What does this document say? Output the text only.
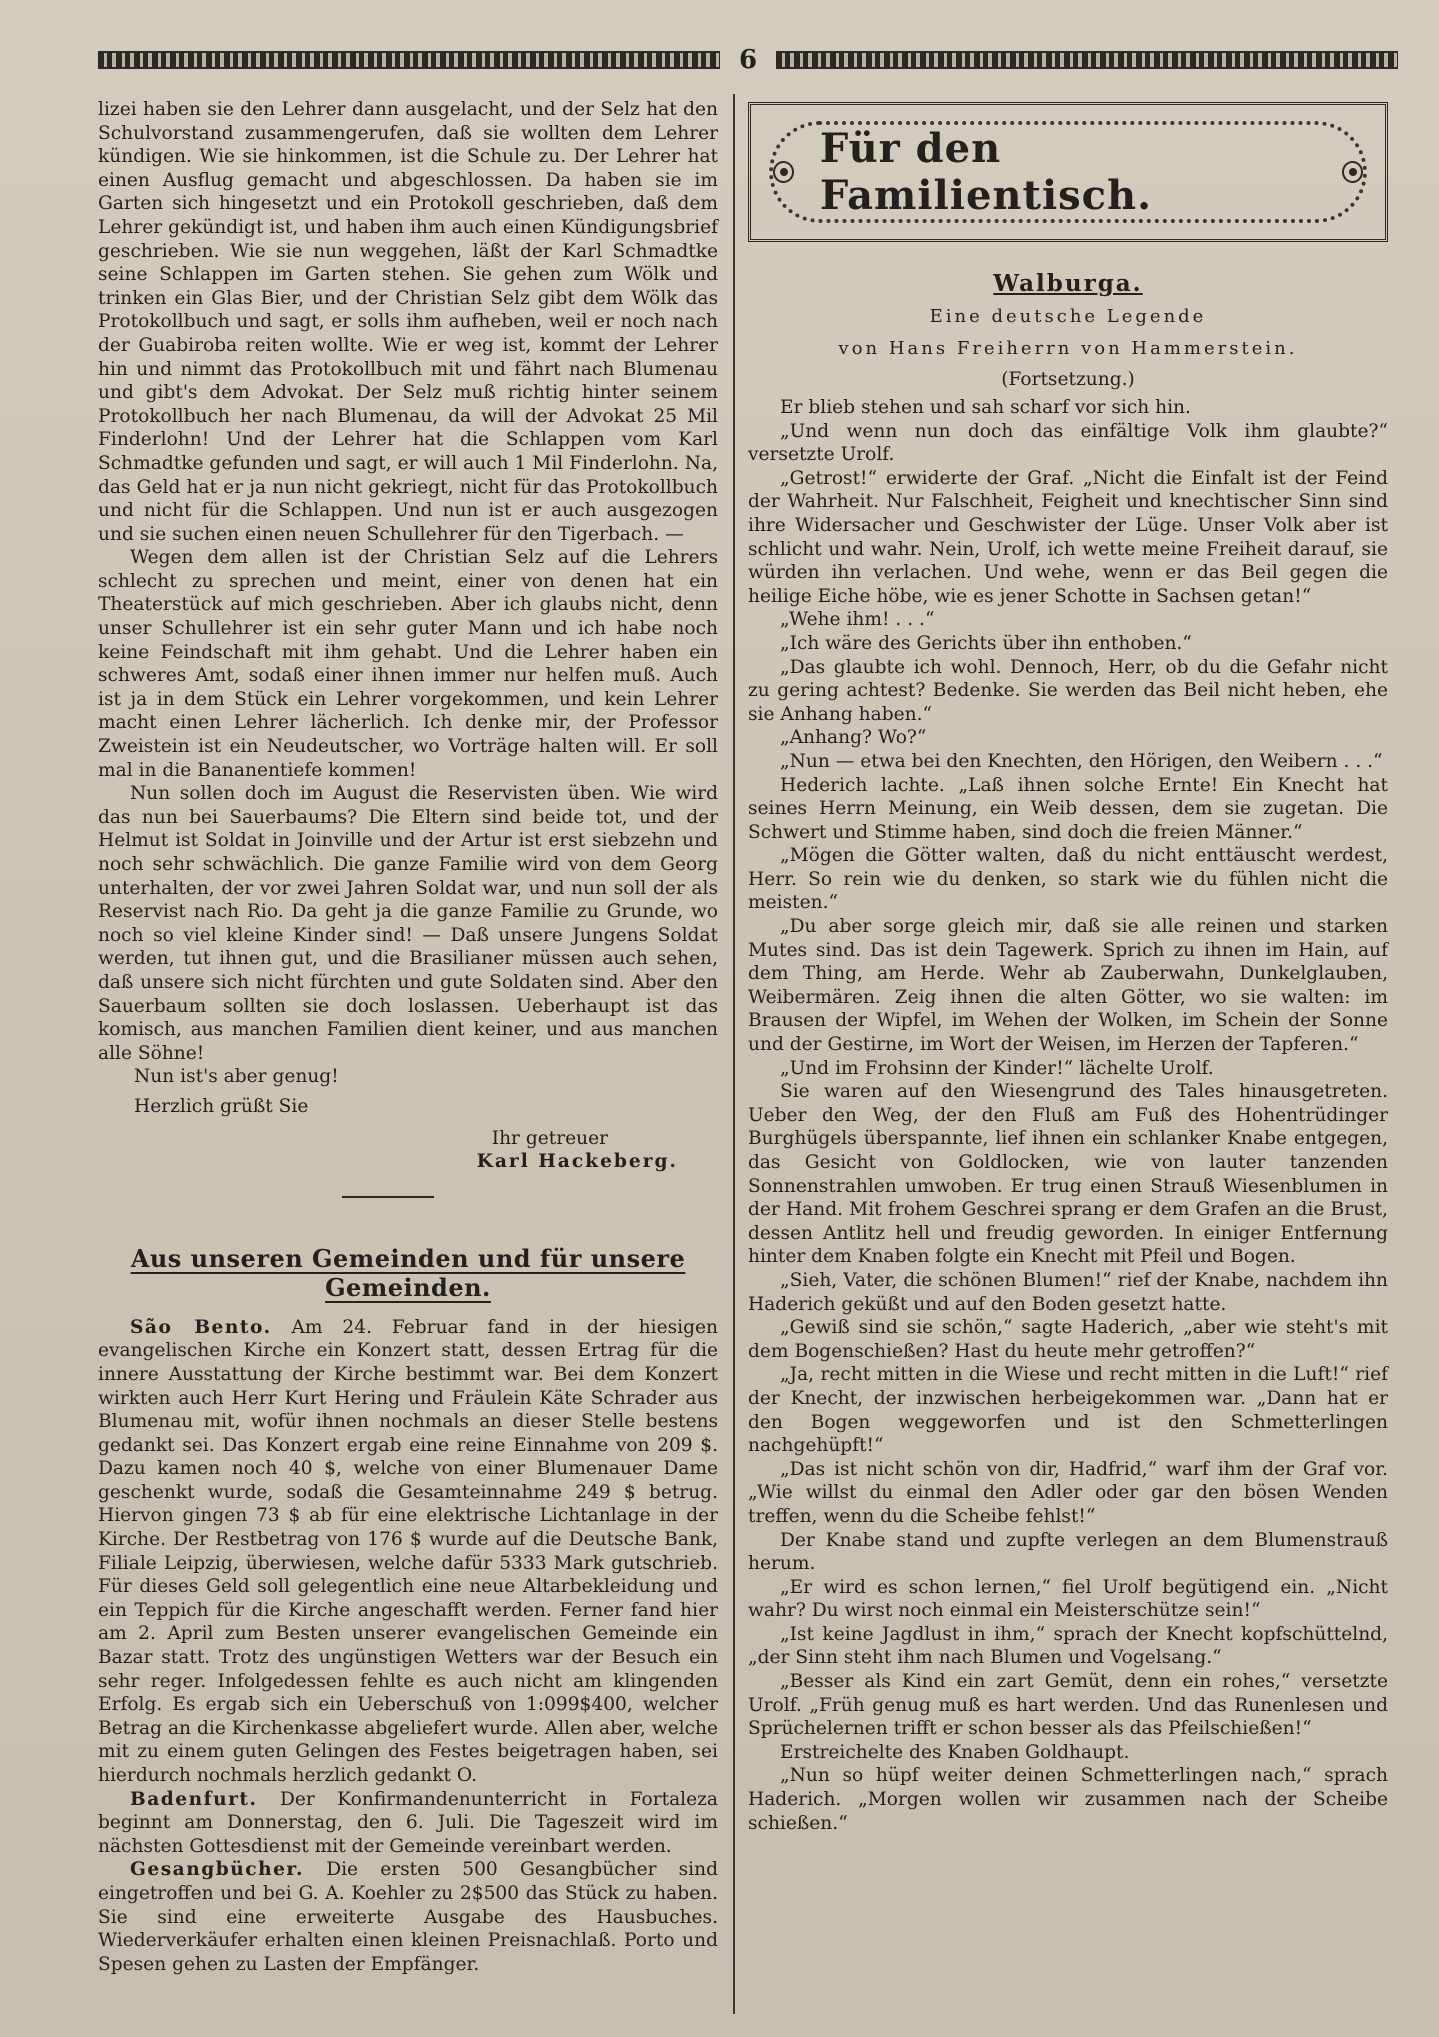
6

lizei haben sie den Lehrer dann ausgelacht, und der Selz hat den Schulvorstand zusammengerufen, daß sie wollten dem Lehrer kündigen. Wie sie hinkommen, ist die Schule zu. Der Lehrer hat einen Ausflug gemacht und abgeschlossen. Da haben sie im Garten sich hingesetzt und ein Protokoll geschrieben, daß dem Lehrer gekündigt ist, und haben ihm auch einen Kündigungsbrief geschrieben. Wie sie nun weggehen, läßt der Karl Schmadtke seine Schlappen im Garten stehen. Sie gehen zum Wölk und trinken ein Glas Bier, und der Christian Selz gibt dem Wölk das Protokollbuch und sagt, er solls ihm aufheben, weil er noch nach der Guabiroba reiten wollte. Wie er weg ist, kommt der Lehrer hin und nimmt das Protokollbuch mit und fährt nach Blumenau und gibt's dem Advokat. Der Selz muß richtig hinter seinem Protokollbuch her nach Blumenau, da will der Advokat 25 Mil Finderlohn! Und der Lehrer hat die Schlappen vom Karl Schmadtke gefunden und sagt, er will auch 1 Mil Finderlohn. Na, das Geld hat er ja nun nicht gekriegt, nicht für das Protokollbuch und nicht für die Schlappen. Und nun ist er auch ausgezogen und sie suchen einen neuen Schullehrer für den Tigerbach. —

Wegen dem allen ist der Christian Selz auf die Lehrers schlecht zu sprechen und meint, einer von denen hat ein Theaterstück auf mich geschrieben. Aber ich glaubs nicht, denn unser Schullehrer ist ein sehr guter Mann und ich habe noch keine Feindschaft mit ihm gehabt. Und die Lehrer haben ein schweres Amt, sodaß einer ihnen immer nur helfen muß. Auch ist ja in dem Stück ein Lehrer vorgekommen, und kein Lehrer macht einen Lehrer lächerlich. Ich denke mir, der Professor Zweistein ist ein Neudeutscher, wo Vorträge halten will. Er soll mal in die Bananentiefe kommen!

Nun sollen doch im August die Reservisten üben. Wie wird das nun bei Sauerbaums? Die Eltern sind beide tot, und der Helmut ist Soldat in Joinville und der Artur ist erst siebzehn und noch sehr schwächlich. Die ganze Familie wird von dem Georg unterhalten, der vor zwei Jahren Soldat war, und nun soll der als Reservist nach Rio. Da geht ja die ganze Familie zu Grunde, wo noch so viel kleine Kinder sind! — Daß unsere Jungens Soldat werden, tut ihnen gut, und die Brasilianer müssen auch sehen, daß unsere sich nicht fürchten und gute Soldaten sind. Aber den Sauerbaum sollten sie doch loslassen. Ueberhaupt ist das komisch, aus manchen Familien dient keiner, und aus manchen alle Söhne!

Nun ist's aber genug!

Herzlich grüßt Sie

Ihr getreuer

Karl Hackeberg.

Aus unseren Gemeinden und für unsere Gemeinden.

São Bento. Am 24. Februar fand in der hiesigen evangelischen Kirche ein Konzert statt, dessen Ertrag für die innere Ausstattung der Kirche bestimmt war. Bei dem Konzert wirkten auch Herr Kurt Hering und Fräulein Käte Schrader aus Blumenau mit, wofür ihnen nochmals an dieser Stelle bestens gedankt sei. Das Konzert ergab eine reine Einnahme von 209 $. Dazu kamen noch 40 $, welche von einer Blumenauer Dame geschenkt wurde, sodaß die Gesamteinnahme 249 $ betrug. Hiervon gingen 73 $ ab für eine elektrische Lichtanlage in der Kirche. Der Restbetrag von 176 $ wurde auf die Deutsche Bank, Filiale Leipzig, überwiesen, welche dafür 5333 Mark gutschrieb. Für dieses Geld soll gelegentlich eine neue Altarbekleidung und ein Teppich für die Kirche angeschafft werden. Ferner fand hier am 2. April zum Besten unserer evangelischen Gemeinde ein Bazar statt. Trotz des ungünstigen Wetters war der Besuch ein sehr reger. Infolgedessen fehlte es auch nicht am klingenden Erfolg. Es ergab sich ein Ueberschuß von 1:099$400, welcher Betrag an die Kirchenkasse abgeliefert wurde. Allen aber, welche mit zu einem guten Gelingen des Festes beigetragen haben, sei hierdurch nochmals herzlich gedankt O.

Badenfurt. Der Konfirmandenunterricht in Fortaleza beginnt am Donnerstag, den 6. Juli. Die Tageszeit wird im nächsten Gottesdienst mit der Gemeinde vereinbart werden.

Gesangbücher. Die ersten 500 Gesangbücher sind eingetroffen und bei G. A. Koehler zu 2$500 das Stück zu haben. Sie sind eine erweiterte Ausgabe des Hausbuches. Wiederverkäufer erhalten einen kleinen Preisnachlaß. Porto und Spesen gehen zu Lasten der Empfänger.

Für den Familientisch.
Walburga.
Eine deutsche Legende
von Hans Freiherrn von Hammerstein.
(Fortsetzung.)

Er blieb stehen und sah scharf vor sich hin.

„Und wenn nun doch das einfältige Volk ihm glaubte?“ versetzte Urolf.

„Getrost!“ erwiderte der Graf. „Nicht die Einfalt ist der Feind der Wahrheit. Nur Falschheit, Feigheit und knechtischer Sinn sind ihre Widersacher und Geschwister der Lüge. Unser Volk aber ist schlicht und wahr. Nein, Urolf, ich wette meine Freiheit darauf, sie würden ihn verlachen. Und wehe, wenn er das Beil gegen die heilige Eiche höbe, wie es jener Schotte in Sachsen getan!“

„Wehe ihm! . . .“

„Ich wäre des Gerichts über ihn enthoben.“

„Das glaubte ich wohl. Dennoch, Herr, ob du die Gefahr nicht zu gering achtest? Bedenke. Sie werden das Beil nicht heben, ehe sie Anhang haben.“

„Anhang? Wo?“

„Nun — etwa bei den Knechten, den Hörigen, den Weibern . . .“

Hederich lachte. „Laß ihnen solche Ernte! Ein Knecht hat seines Herrn Meinung, ein Weib dessen, dem sie zugetan. Die Schwert und Stimme haben, sind doch die freien Männer.“

„Mögen die Götter walten, daß du nicht enttäuscht werdest, Herr. So rein wie du denken, so stark wie du fühlen nicht die meisten.“

„Du aber sorge gleich mir, daß sie alle reinen und starken Mutes sind. Das ist dein Tagewerk. Sprich zu ihnen im Hain, auf dem Thing, am Herde. Wehr ab Zauberwahn, Dunkelglauben, Weibermären. Zeig ihnen die alten Götter, wo sie walten: im Brausen der Wipfel, im Wehen der Wolken, im Schein der Sonne und der Gestirne, im Wort der Weisen, im Herzen der Tapferen.“

„Und im Frohsinn der Kinder!“ lächelte Urolf.

Sie waren auf den Wiesengrund des Tales hinausgetreten. Ueber den Weg, der den Fluß am Fuß des Hohentrüdinger Burghügels überspannte, lief ihnen ein schlanker Knabe entgegen, das Gesicht von Goldlocken, wie von lauter tanzenden Sonnenstrahlen umwoben. Er trug einen Strauß Wiesenblumen in der Hand. Mit frohem Geschrei sprang er dem Grafen an die Brust, dessen Antlitz hell und freudig geworden. In einiger Entfernung hinter dem Knaben folgte ein Knecht mit Pfeil und Bogen.

„Sieh, Vater, die schönen Blumen!“ rief der Knabe, nachdem ihn Haderich geküßt und auf den Boden gesetzt hatte.

„Gewiß sind sie schön,“ sagte Haderich, „aber wie steht's mit dem Bogenschießen? Hast du heute mehr getroffen?“

„Ja, recht mitten in die Wiese und recht mitten in die Luft!“ rief der Knecht, der inzwischen herbeigekommen war. „Dann hat er den Bogen weggeworfen und ist den Schmetterlingen nachgehüpft!“

„Das ist nicht schön von dir, Hadfrid,“ warf ihm der Graf vor. „Wie willst du einmal den Adler oder gar den bösen Wenden treffen, wenn du die Scheibe fehlst!“

Der Knabe stand und zupfte verlegen an dem Blumenstrauß herum.

„Er wird es schon lernen,“ fiel Urolf begütigend ein. „Nicht wahr? Du wirst noch einmal ein Meisterschütze sein!“

„Ist keine Jagdlust in ihm,“ sprach der Knecht kopfschüttelnd, „der Sinn steht ihm nach Blumen und Vogelsang.“

„Besser als Kind ein zart Gemüt, denn ein rohes,“ versetzte Urolf. „Früh genug muß es hart werden. Und das Runenlesen und Sprüchelernen trifft er schon besser als das Pfeilschießen!“

Erstreichelte des Knaben Goldhaupt.

„Nun so hüpf weiter deinen Schmetterlingen nach,“ sprach Haderich. „Morgen wollen wir zusammen nach der Scheibe schießen.“
